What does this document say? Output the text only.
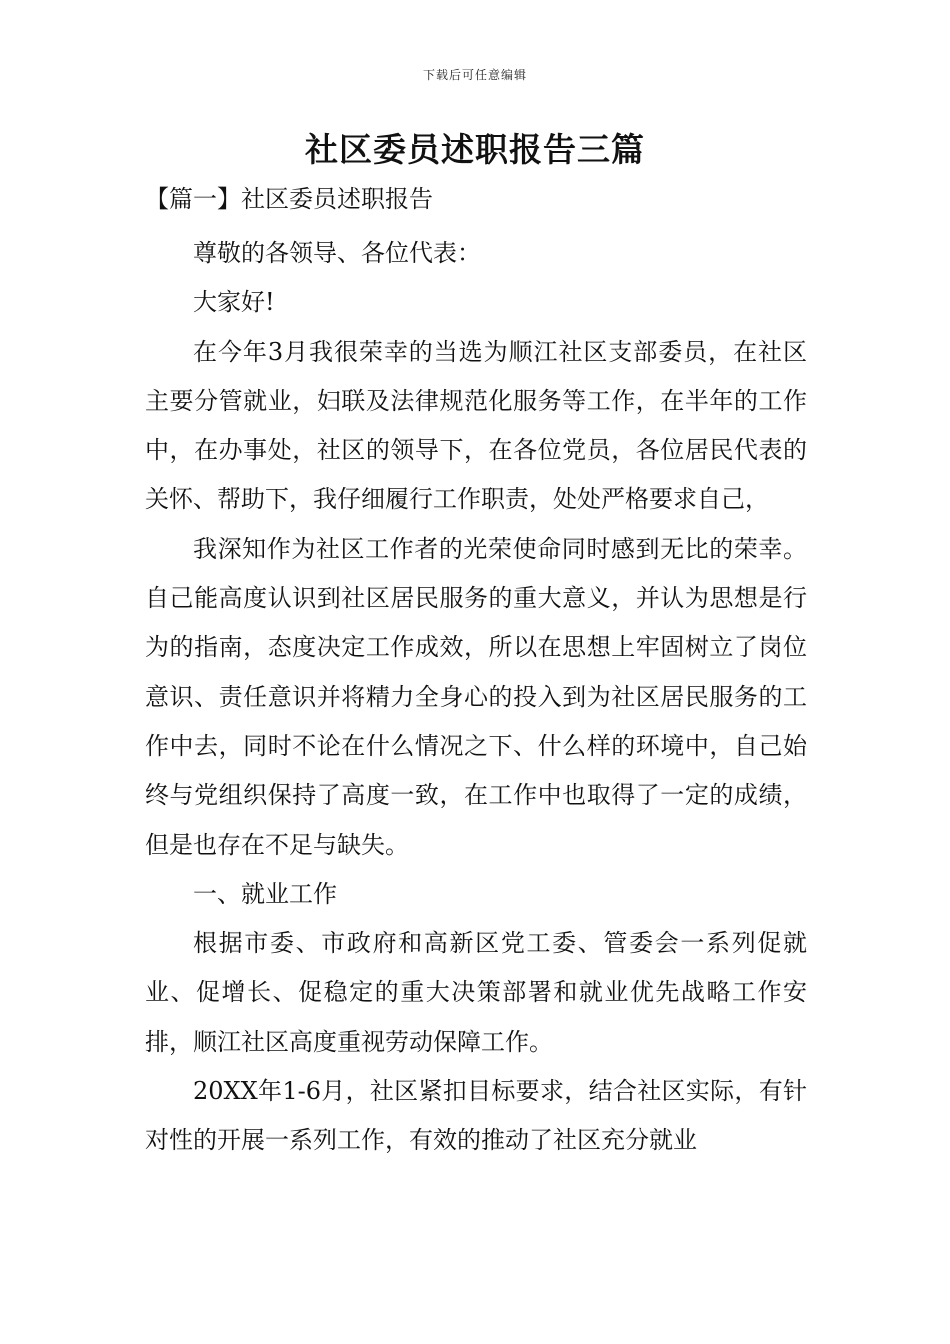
下载后可任意编辑
社区委员述职报告三篇
【篇一】社区委员述职报告

尊敬的各领导、各位代表：

大家好!

在今年3月我很荣幸的当选为顺江社区支部委员，在社区主要分管就业，妇联及法律规范化服务等工作，在半年的工作中，在办事处，社区的领导下，在各位党员，各位居民代表的关怀、帮助下，我仔细履行工作职责，处处严格要求自己，

我深知作为社区工作者的光荣使命同时感到无比的荣幸。自己能高度认识到社区居民服务的重大意义，并认为思想是行为的指南，态度决定工作成效，所以在思想上牢固树立了岗位意识、责任意识并将精力全身心的投入到为社区居民服务的工作中去，同时不论在什么情况之下、什么样的环境中，自己始终与党组织保持了高度一致，在工作中也取得了一定的成绩，但是也存在不足与缺失。

一、就业工作

根据市委、市政府和高新区党工委、管委会一系列促就业、促增长、促稳定的重大决策部署和就业优先战略工作安排，顺江社区高度重视劳动保障工作。

20XX年1-6月，社区紧扣目标要求，结合社区实际，有针对性的开展一系列工作，有效的推动了社区充分就业
